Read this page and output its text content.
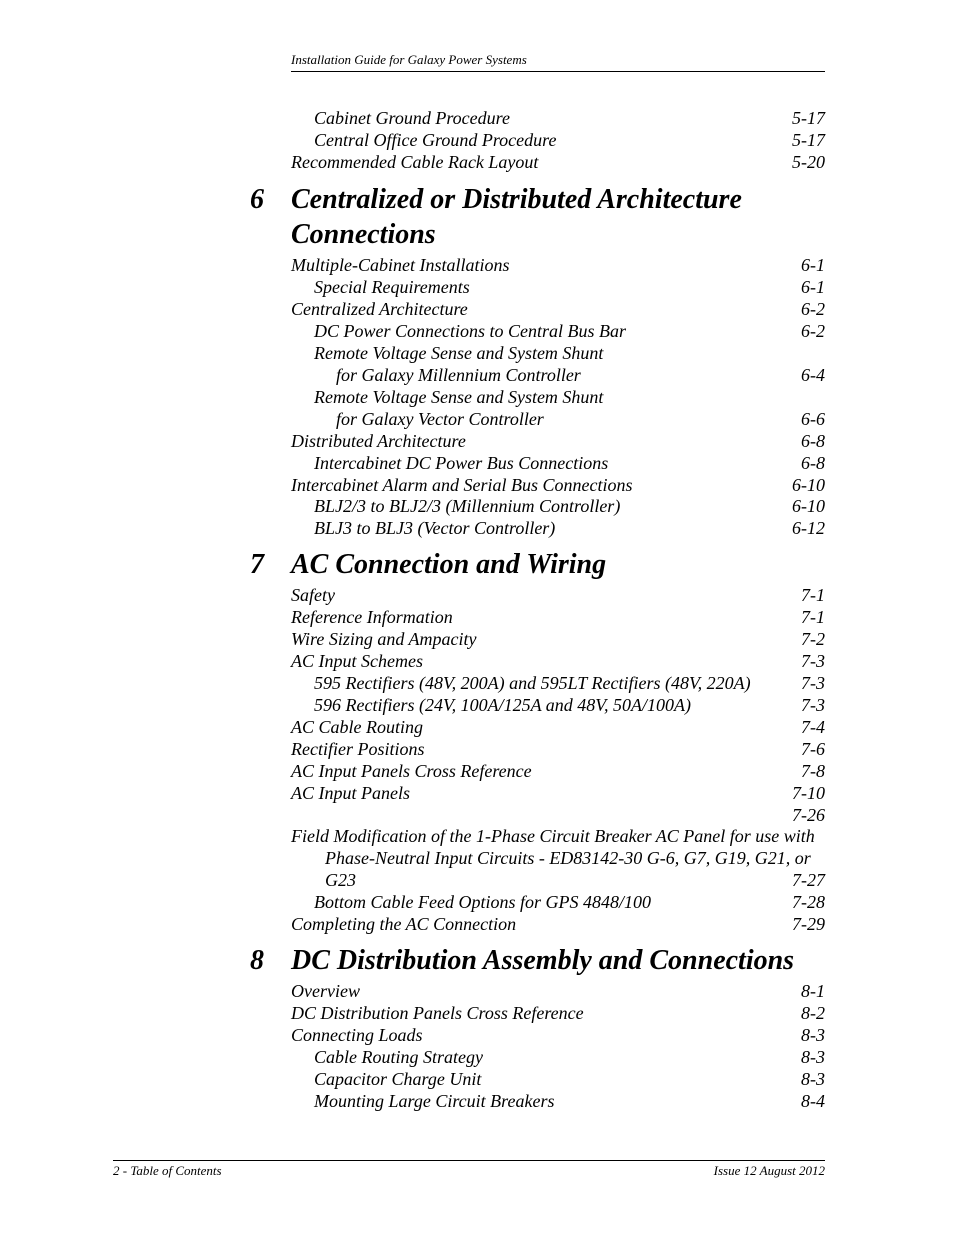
Installation Guide for Galaxy Power Systems
Cabinet Ground Procedure	5-17
Central Office Ground Procedure	5-17
Recommended Cable Rack Layout	5-20
6 Centralized or Distributed Architecture
Connections
Multiple-Cabinet Installations	6-1
Special Requirements	6-1
Centralized Architecture	6-2
DC Power Connections to Central Bus Bar	6-2
Remote Voltage Sense and System Shunt
for Galaxy Millennium Controller	6-4
Remote Voltage Sense and System Shunt
for Galaxy Vector Controller	6-6
Distributed Architecture	6-8
Intercabinet DC Power Bus Connections	6-8
Intercabinet Alarm and Serial Bus Connections	6-10
BLJ2/3 to BLJ2/3 (Millennium Controller)	6-10
BLJ3 to BLJ3 (Vector Controller)	6-12
7 AC Connection and Wiring
Safety	7-1
Reference Information	7-1
Wire Sizing and Ampacity	7-2
AC Input Schemes	7-3
595 Rectifiers (48V, 200A) and 595LT Rectifiers (48V, 220A)	7-3
596 Rectifiers (24V, 100A/125A and 48V, 50A/100A)	7-3
AC Cable Routing	7-4
Rectifier Positions	7-6
AC Input Panels Cross Reference	7-8
AC Input Panels	7-10
7-26
Field Modification of the 1-Phase Circuit Breaker AC Panel for use with
Phase-Neutral Input Circuits - ED83142-30 G-6, G7, G19, G21, or
G23	7-27
Bottom Cable Feed Options for GPS 4848/100	7-28
Completing the AC Connection	7-29
8 DC Distribution Assembly and Connections
Overview	8-1
DC Distribution Panels Cross Reference	8-2
Connecting Loads	8-3
Cable Routing Strategy	8-3
Capacitor Charge Unit	8-3
Mounting Large Circuit Breakers	8-4
2 - Table of Contents	Issue 12 August 2012
